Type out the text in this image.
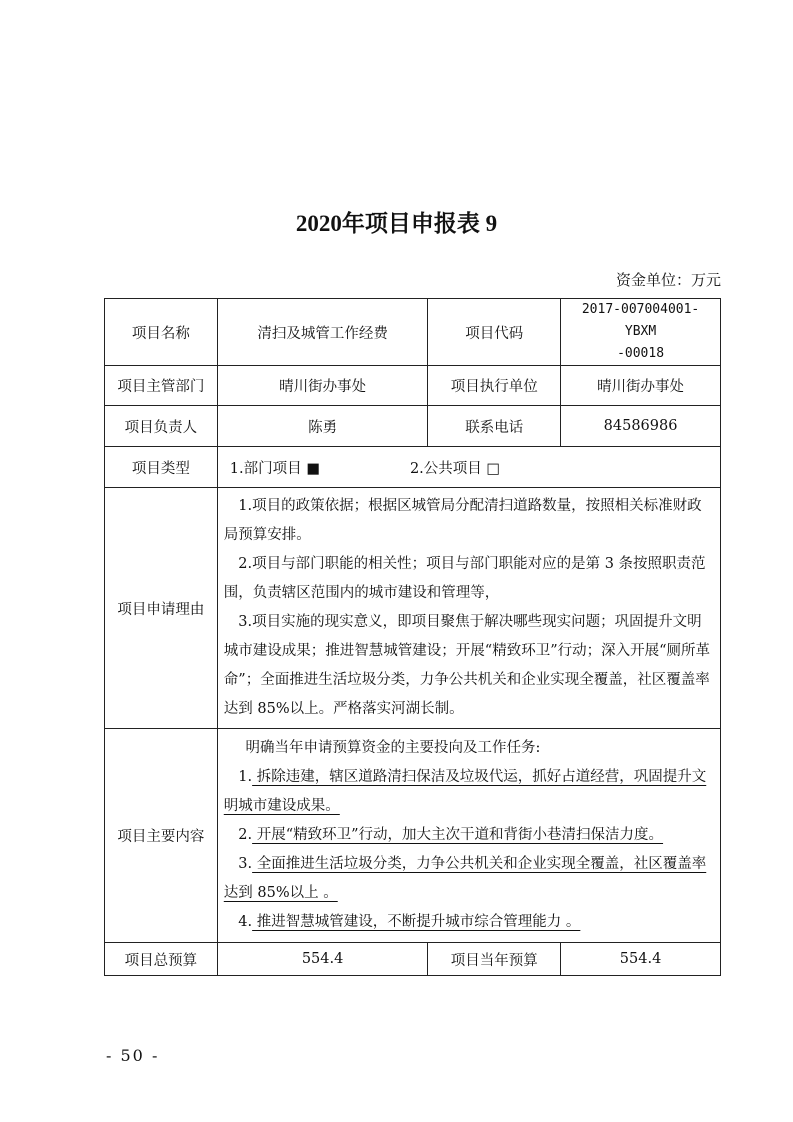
2020年项目申报表 9
资金单位：万元
项目名称	清扫及城管工作经费	项目代码	2017-007004001-YBXM
-00018

项目主管部门	晴川街办事处	项目执行单位	晴川街办事处
项目负责人	陈勇	联系电话	84586986
项目类型	1.部门项目 ■ 2.公共项目 □		
项目申请理由	1.项目的政策依据；根据区城管局分配清扫道路数量，按照相关标准财政局预算安排。

2.项目与部门职能的相关性；项目与部门职能对应的是第 3 条按照职责范围，负责辖区范围内的城市建设和管理等，

3.项目实施的现实意义，即项目聚焦于解决哪些现实问题；巩固提升文明城市建设成果；推进智慧城管建设；开展“精致环卫”行动；深入开展“厕所革命”；全面推进生活垃圾分类，力争公共机关和企业实现全覆盖，社区覆盖率达到 85%以上。严格落实河湖长制。		

项目主要内容	明确当年申请预算资金的主要投向及工作任务:

1. 拆除违建，辖区道路清扫保洁及垃圾代运，抓好占道经营，巩固提升文明城市建设成果。

2. 开展“精致环卫”行动，加大主次干道和背街小巷清扫保洁力度。

3. 全面推进生活垃圾分类，力争公共机关和企业实现全覆盖，社区覆盖率达到 85%以上 。

4. 推进智慧城管建设，不断提升城市综合管理能力 。		

项目总预算	554.4	项目当年预算	554.4
- 50 -
